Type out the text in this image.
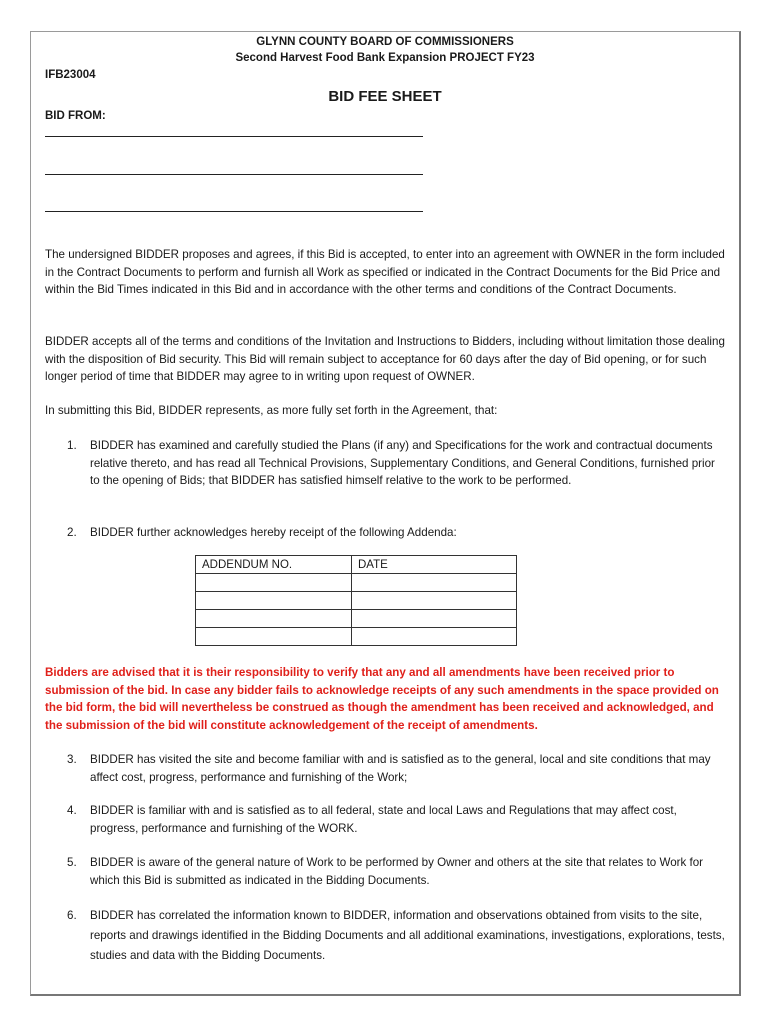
GLYNN COUNTY BOARD OF COMMISSIONERS
Second Harvest Food Bank Expansion PROJECT FY23
IFB23004
BID FEE SHEET
BID FROM:

The undersigned BIDDER proposes and agrees, if this Bid is accepted, to enter into an agreement with OWNER in the form included in the Contract Documents to perform and furnish all Work as specified or indicated in the Contract Documents for the Bid Price and within the Bid Times indicated in this Bid and in accordance with the other terms and conditions of the Contract Documents.

BIDDER accepts all of the terms and conditions of the Invitation and Instructions to Bidders, including without limitation those dealing with the disposition of Bid security. This Bid will remain subject to acceptance for 60 days after the day of Bid opening, or for such longer period of time that BIDDER may agree to in writing upon request of OWNER.

In submitting this Bid, BIDDER represents, as more fully set forth in the Agreement, that:

1. BIDDER has examined and carefully studied the Plans (if any) and Specifications for the work and contractual documents relative thereto, and has read all Technical Provisions, Supplementary Conditions, and General Conditions, furnished prior to the opening of Bids; that BIDDER has satisfied himself relative to the work to be performed.
2. BIDDER further acknowledges hereby receipt of the following Addenda:
ADDENDUM NO.	DATE

Bidders are advised that it is their responsibility to verify that any and all amendments have been received prior to submission of the bid. In case any bidder fails to acknowledge receipts of any such amendments in the space provided on the bid form, the bid will nevertheless be construed as though the amendment has been received and acknowledged, and the submission of the bid will constitute acknowledgement of the receipt of amendments.

3. BIDDER has visited the site and become familiar with and is satisfied as to the general, local and site conditions that may affect cost, progress, performance and furnishing of the Work;
4. BIDDER is familiar with and is satisfied as to all federal, state and local Laws and Regulations that may affect cost, progress, performance and furnishing of the WORK.
5. BIDDER is aware of the general nature of Work to be performed by Owner and others at the site that relates to Work for which this Bid is submitted as indicated in the Bidding Documents.
6. BIDDER has correlated the information known to BIDDER, information and observations obtained from visits to the site, reports and drawings identified in the Bidding Documents and all additional examinations, investigations, explorations, tests, studies and data with the Bidding Documents.
